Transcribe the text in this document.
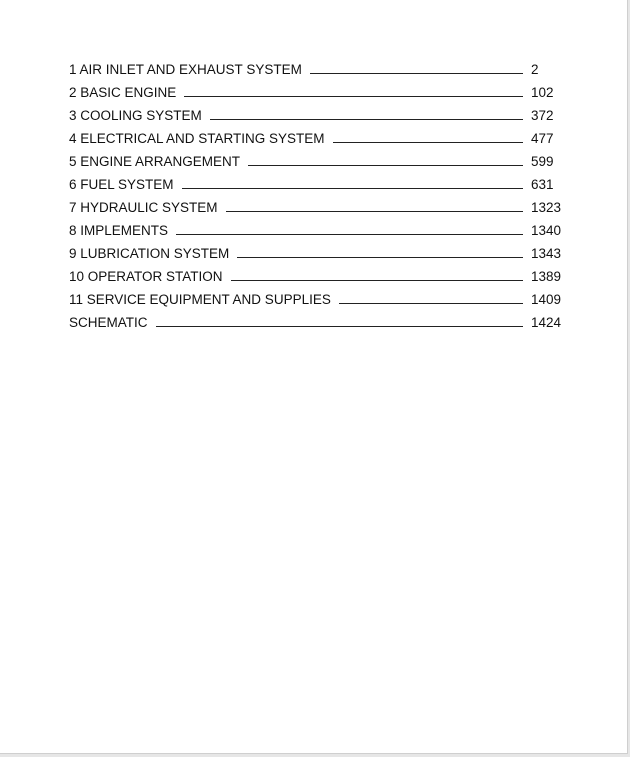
1 AIR INLET AND EXHAUST SYSTEM	2
2 BASIC ENGINE	102
3 COOLING SYSTEM	372
4 ELECTRICAL AND STARTING SYSTEM	477
5 ENGINE ARRANGEMENT	599
6 FUEL SYSTEM	631
7 HYDRAULIC SYSTEM	1323
8 IMPLEMENTS	1340
9 LUBRICATION SYSTEM	1343
10 OPERATOR STATION	1389
11 SERVICE EQUIPMENT AND SUPPLIES	1409
SCHEMATIC	1424
